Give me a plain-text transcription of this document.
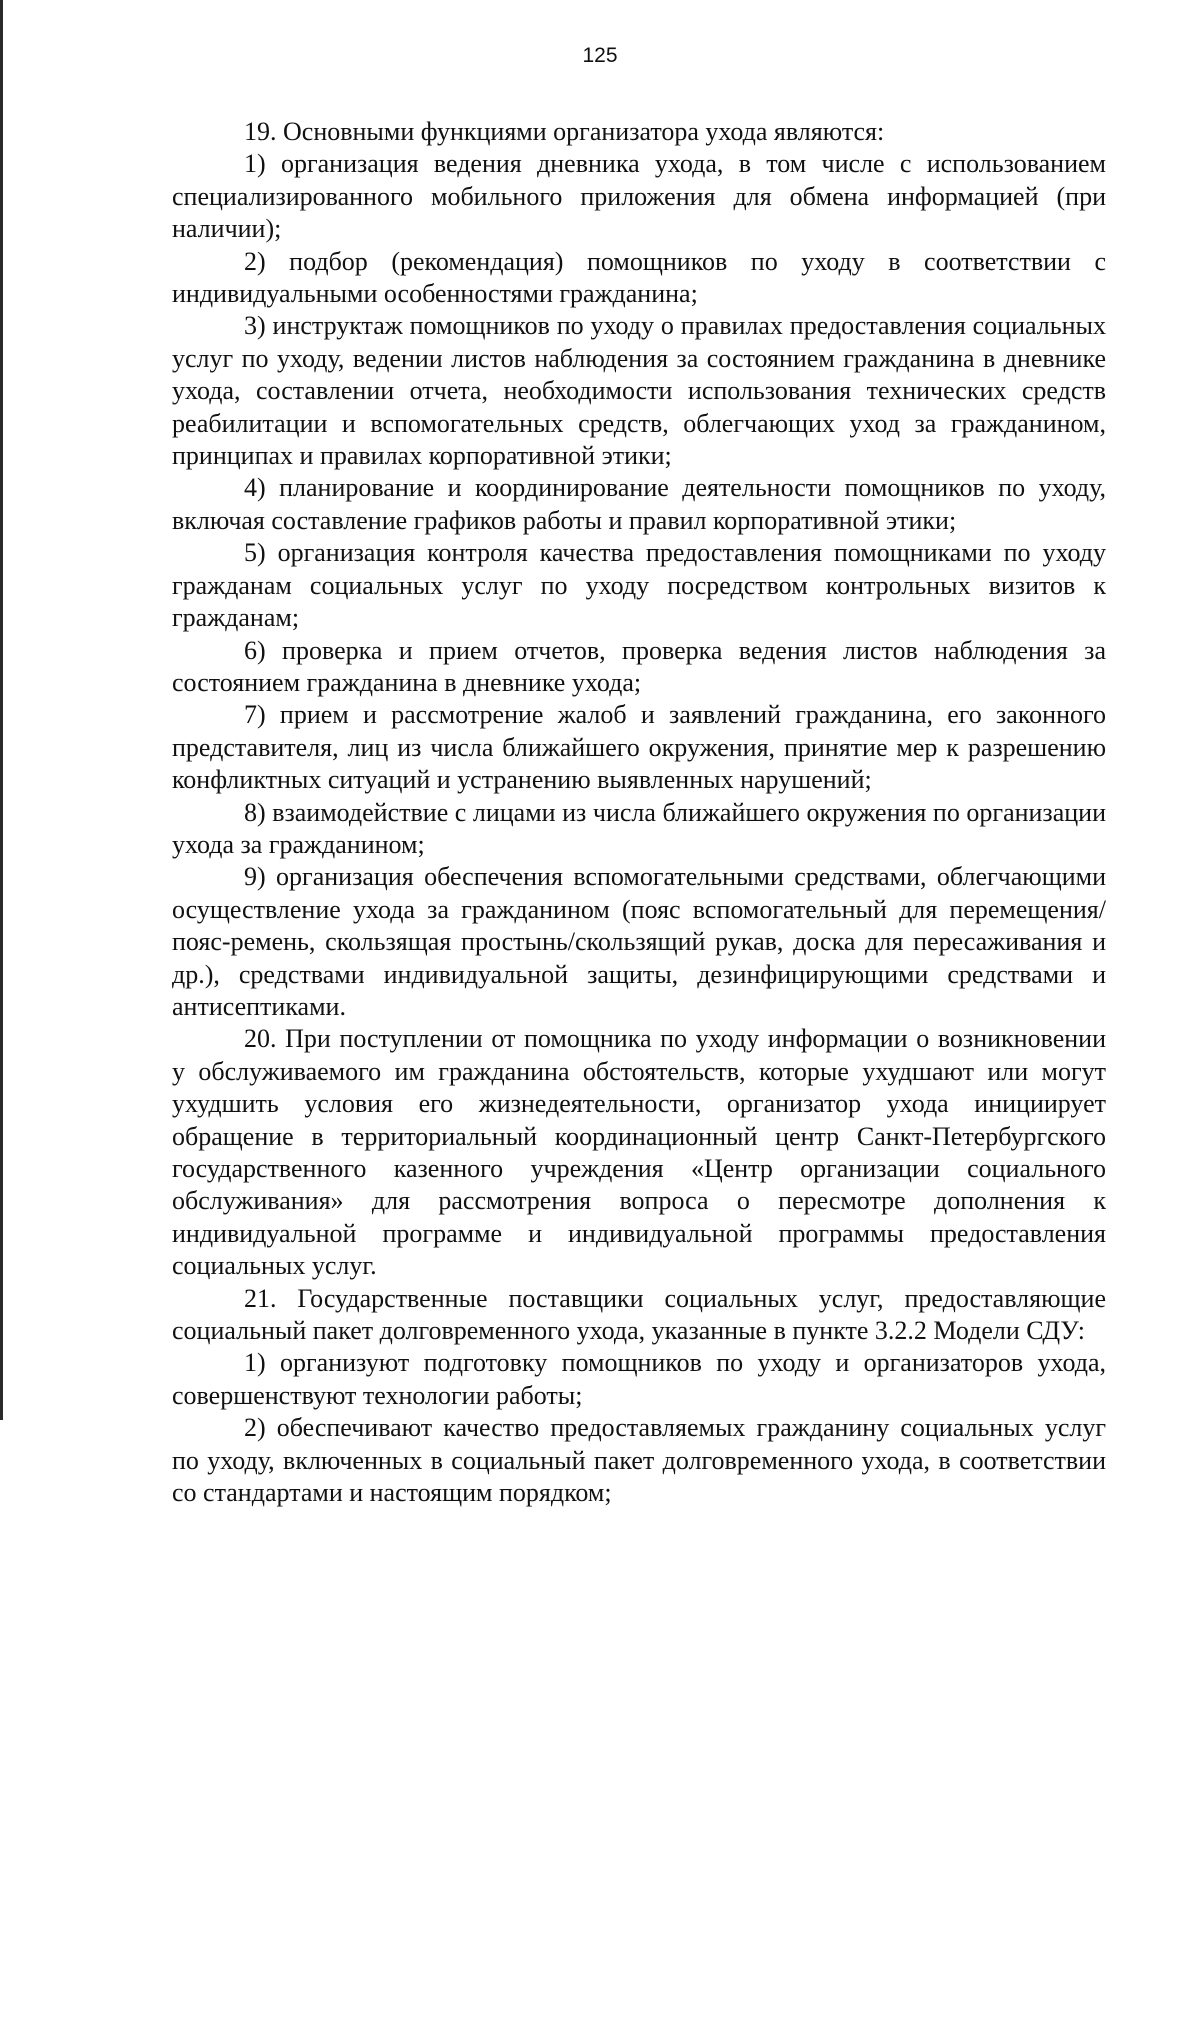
125

19. Основными функциями организатора ухода являются:

1) организация ведения дневника ухода, в том числе с использованием специализированного мобильного приложения для обмена информацией (при наличии);

2) подбор (рекомендация) помощников по уходу в соответствии с индивидуальными особенностями гражданина;

3) инструктаж помощников по уходу о правилах предоставления социальных услуг по уходу, ведении листов наблюдения за состоянием гражданина в дневнике ухода, составлении отчета, необходимости использования технических средств реабилитации и вспомогательных средств, облегчающих уход за гражданином, принципах и правилах корпоративной этики;

4) планирование и координирование деятельности помощников по уходу, включая составление графиков работы и правил корпоративной этики;

5) организация контроля качества предоставления помощниками по уходу гражданам социальных услуг по уходу посредством контрольных визитов к гражданам;

6) проверка и прием отчетов, проверка ведения листов наблюдения за состоянием гражданина в дневнике ухода;

7) прием и рассмотрение жалоб и заявлений гражданина, его законного представителя, лиц из числа ближайшего окружения, принятие мер к разрешению конфликтных ситуаций и устранению выявленных нарушений;

8) взаимодействие с лицами из числа ближайшего окружения по организации ухода за гражданином;

9) организация обеспечения вспомогательными средствами, облегчающими осуществление ухода за гражданином (пояс вспомогательный для перемещения/пояс-ремень, скользящая простынь/скользящий рукав, доска для пересаживания и др.), средствами индивидуальной защиты, дезинфицирующими средствами и антисептиками.

20. При поступлении от помощника по уходу информации о возникновении у обслуживаемого им гражданина обстоятельств, которые ухудшают или могут ухудшить условия его жизнедеятельности, организатор ухода инициирует обращение в территориальный координационный центр Санкт-Петербургского государственного казенного учреждения «Центр организации социального обслуживания» для рассмотрения вопроса о пересмотре дополнения к индивидуальной программе и индивидуальной программы предоставления социальных услуг.

21. Государственные поставщики социальных услуг, предоставляющие социальный пакет долговременного ухода, указанные в пункте 3.2.2 Модели СДУ:

1) организуют подготовку помощников по уходу и организаторов ухода, совершенствуют технологии работы;

2) обеспечивают качество предоставляемых гражданину социальных услуг по уходу, включенных в социальный пакет долговременного ухода, в соответствии со стандартами и настоящим порядком;
